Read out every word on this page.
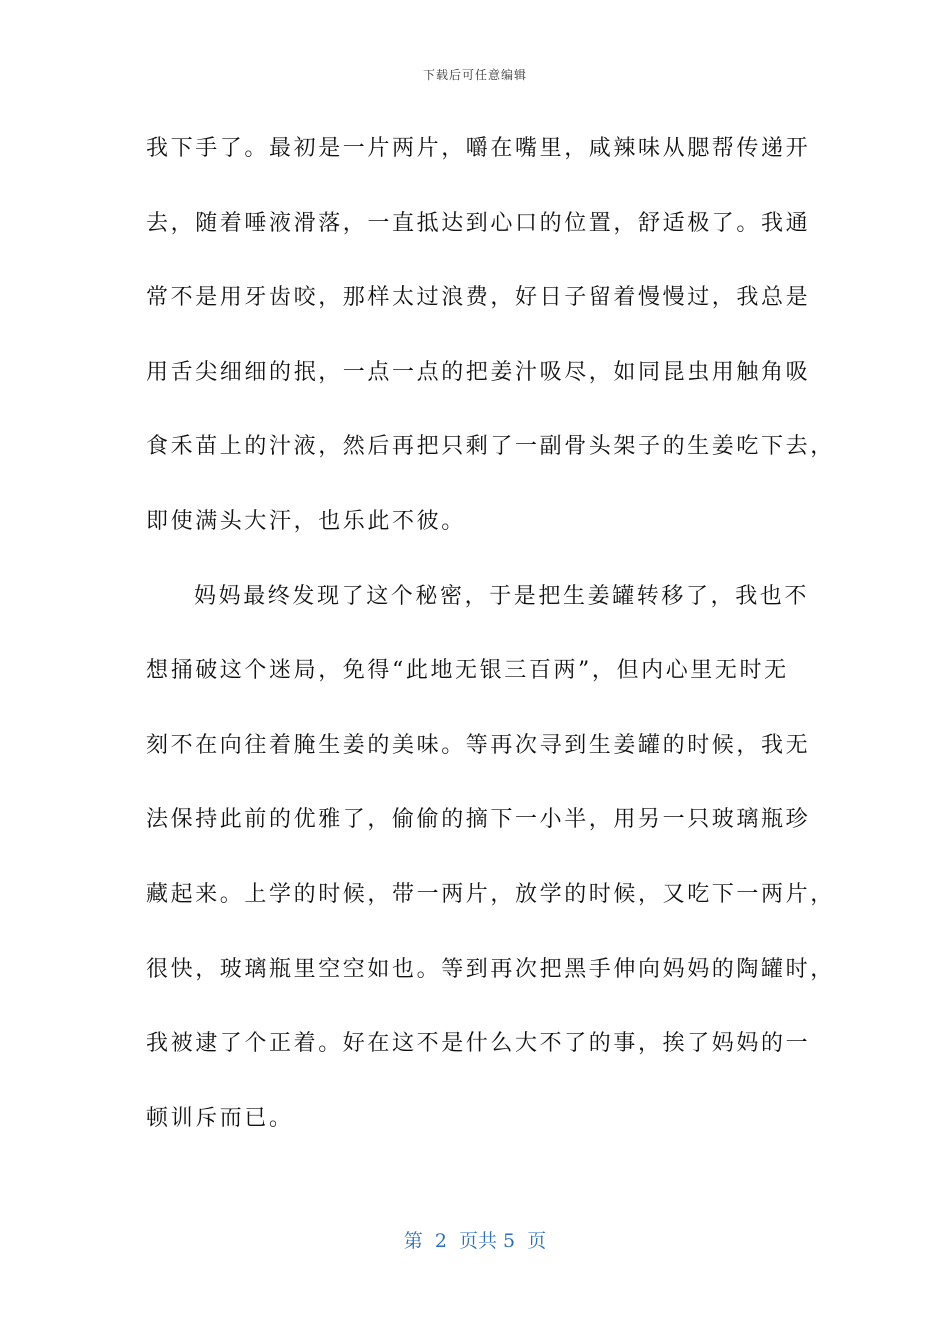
下载后可任意编辑
我下手了。最初是一片两片，嚼在嘴里，咸辣味从腮帮传递开
去，随着唾液滑落，一直抵达到心口的位置，舒适极了。我通
常不是用牙齿咬，那样太过浪费，好日子留着慢慢过，我总是
用舌尖细细的抿，一点一点的把姜汁吸尽，如同昆虫用触角吸
食禾苗上的汁液，然后再把只剩了一副骨头架子的生姜吃下去，
即使满头大汗，也乐此不彼。
妈妈最终发现了这个秘密，于是把生姜罐转移了，我也不
想捅破这个迷局，免得“此地无银三百两”，但内心里无时无
刻不在向往着腌生姜的美味。等再次寻到生姜罐的时候，我无
法保持此前的优雅了，偷偷的摘下一小半，用另一只玻璃瓶珍
藏起来。上学的时候，带一两片，放学的时候，又吃下一两片，
很快，玻璃瓶里空空如也。等到再次把黑手伸向妈妈的陶罐时，
我被逮了个正着。好在这不是什么大不了的事，挨了妈妈的一
顿训斥而已。
第  2  页共 5  页
